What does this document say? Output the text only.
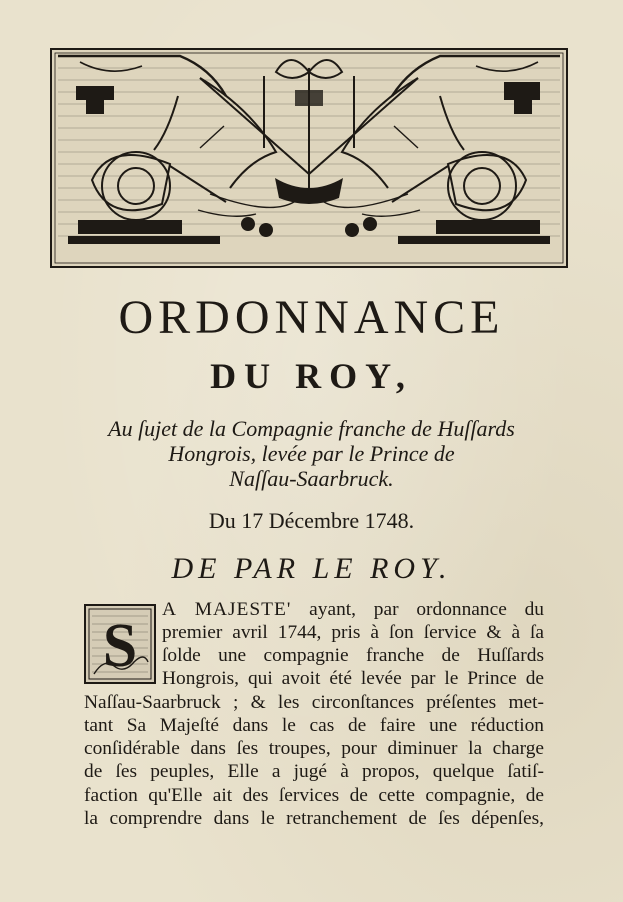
ORDONNANCE
DU ROY,
Au ſujet de la Compagnie franche de Huſſards
Hongrois, levée par le Prince de
Naſſau-Saarbruck.
Du 17 Décembre 1748.
DE PAR LE ROY.
S
A MAJESTE' ayant, par ordonnance du
premier avril 1744, pris à ſon ſervice & à ſa
ſolde une compagnie franche de Huſſards
Hongrois, qui avoit été levée par le Prince de
Naſſau-Saarbruck ; & les circonſtances préſentes met-
tant Sa Majeſté dans le cas de faire une réduction
conſidérable dans ſes troupes, pour diminuer la charge
de ſes peuples, Elle a jugé à propos, quelque ſatiſ-
faction qu'Elle ait des ſervices de cette compagnie, de
la comprendre dans le retranchement de ſes dépenſes,
